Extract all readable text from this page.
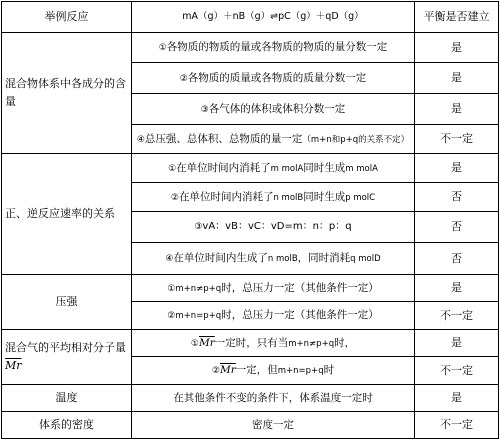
举例反应	mA（g）＋nB（g）⇌pC（g）＋qD（g）	平衡是否建立
混合物体系中各成分的含量	①各物质的物质的量或各物质的物质的量分数一定	是
	②各物质的质量或各物质的质量分数一定	是
	③各气体的体积或体积分数一定	是
	④总压强、总体积、总物质的量一定（m+n和p+q的关系不定）	不一定
正、逆反应速率的关系	①在单位时间内消耗了m molA同时生成m molA	是
	②在单位时间内消耗了n molB同时生成p molC	否
	③vA：vB：vC：vD=m：n：p：q	否
	④在单位时间内生成了n molB，同时消耗q molD	否
压强	①m+n≠p+q时，总压力一定（其他条件一定）	是
	②m+n=p+q时，总压力一定（其他条件一定）	不一定
混合气的平均相对分子量$\overline{Mr}$	$①\overline{Mr}$一定时，只有当m+n≠p+q时，	是
	$②\overline{Mr}$一定，但m+n=p+q时	不一定
温度	在其他条件不变的条件下，体系温度一定时	是
体系的密度	密度一定	不一定
